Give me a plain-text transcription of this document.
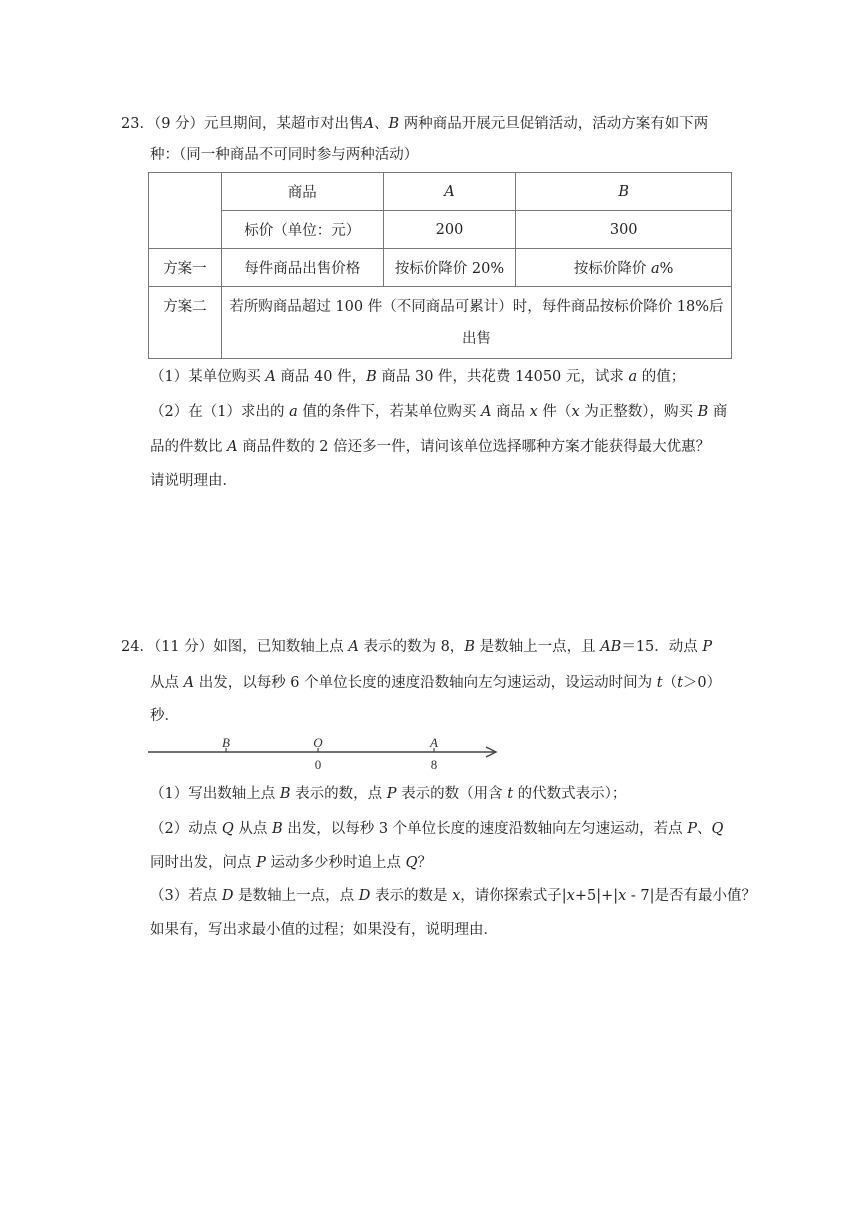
23．（9 分）元旦期间，某超市对出售A、B 两种商品开展元旦促销活动，活动方案有如下两
种：（同一种商品不可同时参与两种活动）
	商品	A	B
	标价（单位：元）	200	300
方案一	每件商品出售价格	按标价降价 20%	按标价降价 a%
方案二	若所购商品超过 100 件（不同商品可累计）时，每件商品按标价降价 18%后出售		
（1）某单位购买 A 商品 40 件，B 商品 30 件，共花费 14050 元，试求 a 的值；
（2）在（1）求出的 a 值的条件下，若某单位购买 A 商品 x 件（x 为正整数），购买 B 商
品的件数比 A 商品件数的 2 倍还多一件，请问该单位选择哪种方案才能获得最大优惠？
请说明理由．
24．（11 分）如图，已知数轴上点 A 表示的数为 8，B 是数轴上一点，且 AB＝15．动点 P
从点 A 出发，以每秒 6 个单位长度的速度沿数轴向左匀速运动，设运动时间为 t（t＞0）
秒．
B	O	A
0	8
（1）写出数轴上点 B 表示的数，点 P 表示的数（用含 t 的代数式表示）；
（2）动点 Q 从点 B 出发，以每秒 3 个单位长度的速度沿数轴向左匀速运动，若点 P、Q
同时出发，问点 P 运动多少秒时追上点 Q？
（3）若点 D 是数轴上一点，点 D 表示的数是 x，请你探索式子|x+5|+|x ‑ 7|是否有最小值？
如果有，写出求最小值的过程；如果没有，说明理由．
